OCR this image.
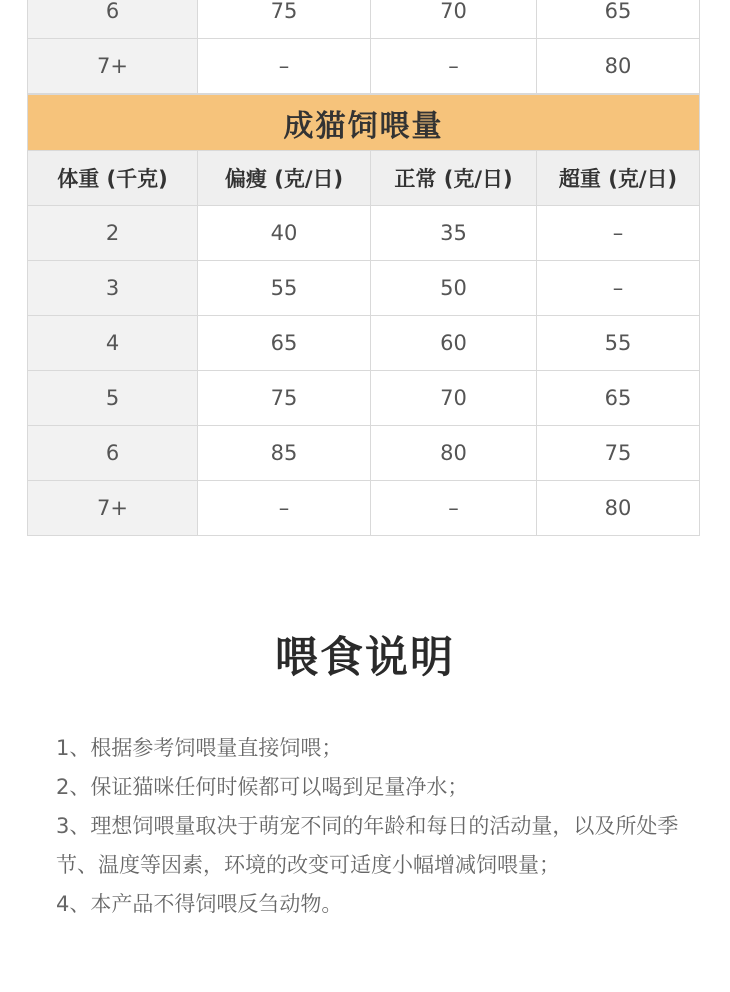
6	75	70	65
7+	–	–	80
成猫饲喂量			
体重 (千克)	偏瘦 (克/日)	正常 (克/日)	超重 (克/日)
2	40	35	–
3	55	50	–
4	65	60	55
5	75	70	65
6	85	80	75
7+	–	–	80
喂食说明
1、根据参考饲喂量直接饲喂；
2、保证猫咪任何时候都可以喝到足量净水；
3、理想饲喂量取决于萌宠不同的年龄和每日的活动量，以及所处季节、温度等因素，环境的改变可适度小幅增减饲喂量；
4、本产品不得饲喂反刍动物。
